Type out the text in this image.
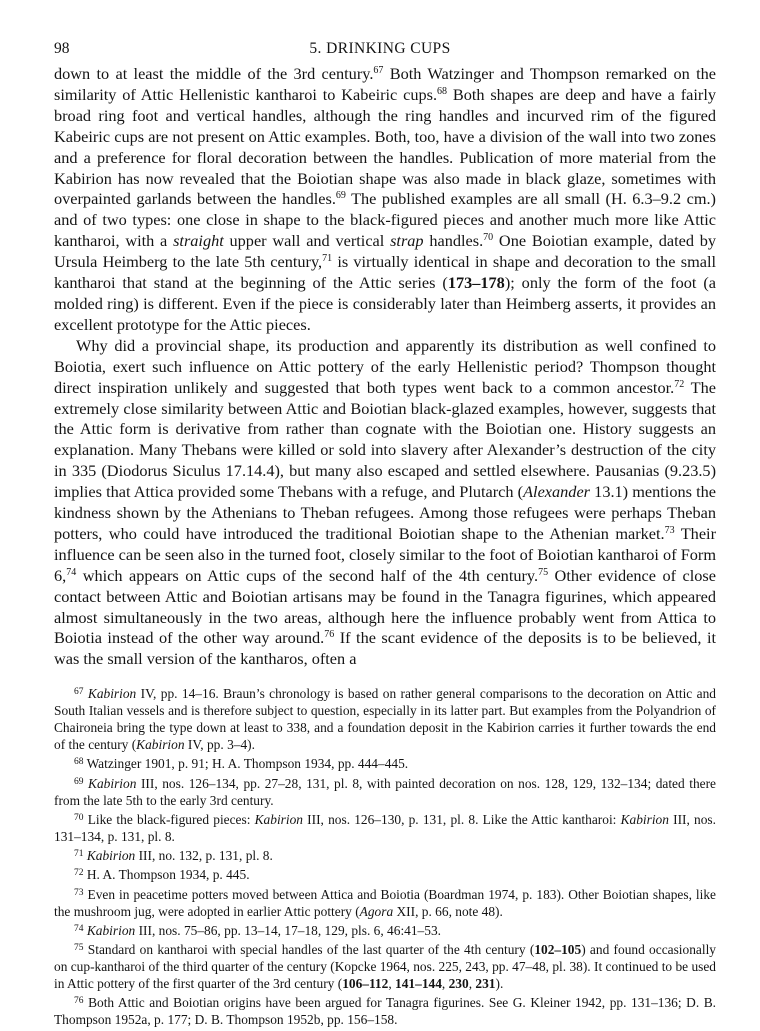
98	5. DRINKING CUPS

down to at least the middle of the 3rd century.$^{67}$ Both Watzinger and Thompson remarked on the similarity of Attic Hellenistic kantharoi to Kabeiric cups.$^{68}$ Both shapes are deep and have a fairly broad ring foot and vertical handles, although the ring handles and incurved rim of the figured Kabeiric cups are not present on Attic examples. Both, too, have a division of the wall into two zones and a preference for floral decoration between the handles. Publication of more material from the Kabirion has now revealed that the Boiotian shape was also made in black glaze, sometimes with overpainted garlands between the handles.$^{69}$ The published examples are all small (H. 6.3–9.2 cm.) and of two types: one close in shape to the black-figured pieces and another much more like Attic kantharoi, with a straight upper wall and vertical strap handles.$^{70}$ One Boiotian example, dated by Ursula Heimberg to the late 5th century,$^{71}$ is virtually identical in shape and decoration to the small kantharoi that stand at the beginning of the Attic series (173–178); only the form of the foot (a molded ring) is different. Even if the piece is considerably later than Heimberg asserts, it provides an excellent prototype for the Attic pieces.

Why did a provincial shape, its production and apparently its distribution as well confined to Boiotia, exert such influence on Attic pottery of the early Hellenistic period? Thompson thought direct inspiration unlikely and suggested that both types went back to a common ancestor.$^{72}$ The extremely close similarity between Attic and Boiotian black-glazed examples, however, suggests that the Attic form is derivative from rather than cognate with the Boiotian one. History suggests an explanation. Many Thebans were killed or sold into slavery after Alexander’s destruction of the city in 335 (Diodorus Siculus 17.14.4), but many also escaped and settled elsewhere. Pausanias (9.23.5) implies that Attica provided some Thebans with a refuge, and Plutarch (Alexander 13.1) mentions the kindness shown by the Athenians to Theban refugees. Among those refugees were perhaps Theban potters, who could have introduced the traditional Boiotian shape to the Athenian market.$^{73}$ Their influence can be seen also in the turned foot, closely similar to the foot of Boiotian kantharoi of Form 6,74 which appears on Attic cups of the second half of the 4th century.$^{75}$ Other evidence of close contact between Attic and Boiotian artisans may be found in the Tanagra figurines, which appeared almost simultaneously in the two areas, although here the influence probably went from Attica to Boiotia instead of the other way around.$^{76}$ If the scant evidence of the deposits is to be believed, it was the small version of the kantharos, often a

$^{67}$ Kabirion IV, pp. 14–16. Braun’s chronology is based on rather general comparisons to the decoration on Attic and South Italian vessels and is therefore subject to question, especially in its latter part. But examples from the Polyandrion of Chaironeia bring the type down at least to 338, and a foundation deposit in the Kabirion carries it further towards the end of the century (Kabirion IV, pp. 3–4).

$^{68}$ Watzinger 1901, p. 91; H. A. Thompson 1934, pp. 444–445.

$^{69}$ Kabirion III, nos. 126–134, pp. 27–28, 131, pl. 8, with painted decoration on nos. 128, 129, 132–134; dated there from the late 5th to the early 3rd century.

$^{70}$ Like the black-figured pieces: Kabirion III, nos. 126–130, p. 131, pl. 8. Like the Attic kantharoi: Kabirion III, nos. 131–134, p. 131, pl. 8.

$^{71}$ Kabirion III, no. 132, p. 131, pl. 8.

$^{72}$ H. A. Thompson 1934, p. 445.

$^{73}$ Even in peacetime potters moved between Attica and Boiotia (Boardman 1974, p. 183). Other Boiotian shapes, like the mushroom jug, were adopted in earlier Attic pottery (Agora XII, p. 66, note 48).

$^{74}$ Kabirion III, nos. 75–86, pp. 13–14, 17–18, 129, pls. 6, 46:41–53.

$^{75}$ Standard on kantharoi with special handles of the last quarter of the 4th century (102–105) and found occasionally on cup-kantharoi of the third quarter of the century (Kopcke 1964, nos. 225, 243, pp. 47–48, pl. 38). It continued to be used in Attic pottery of the first quarter of the 3rd century (106–112, 141–144, 230, 231).

$^{76}$ Both Attic and Boiotian origins have been argued for Tanagra figurines. See G. Kleiner 1942, pp. 131–136; D. B. Thompson 1952a, p. 177; D. B. Thompson 1952b, pp. 156–158.
